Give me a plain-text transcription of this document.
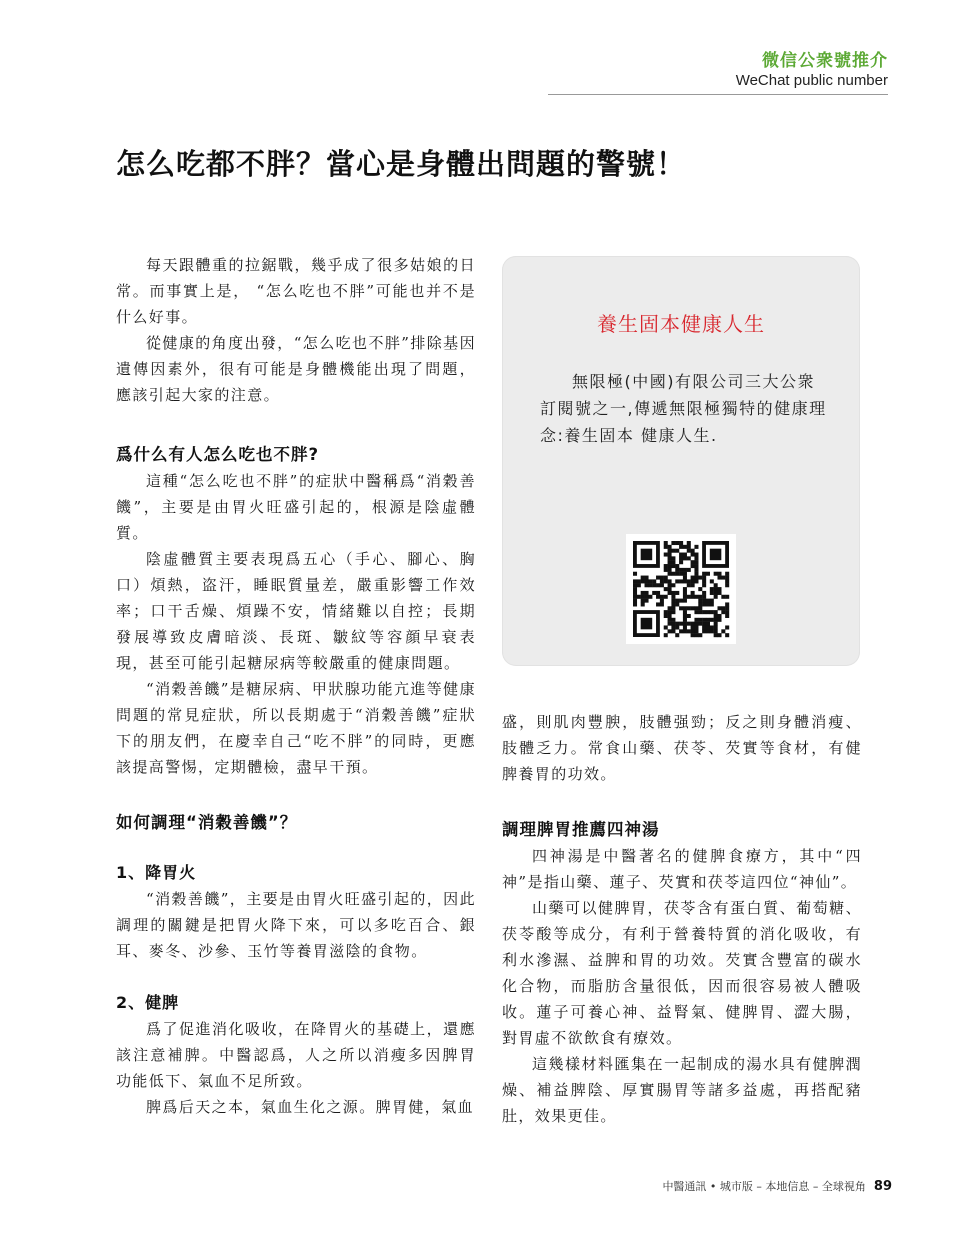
微信公衆號推介
WeChat public number
怎么吃都不胖？當心是身體出問題的警號！

每天跟體重的拉鋸戰，幾乎成了很多姑娘的日常。而事實上是， “怎么吃也不胖”可能也并不是什么好事。

從健康的角度出發，“怎么吃也不胖”排除基因遺傳因素外，很有可能是身體機能出現了問題，應該引起大家的注意。

爲什么有人怎么吃也不胖?

這種“怎么吃也不胖”的症狀中醫稱爲“消穀善饑”，主要是由胃火旺盛引起的，根源是陰虛體質。

陰虛體質主要表現爲五心（手心、腳心、胸口）煩熱，盗汗，睡眠質量差，嚴重影響工作效率；口干舌燥、煩躁不安，情緒難以自控；長期發展導致皮膚暗淡、長斑、皺紋等容顔早衰表現，甚至可能引起糖尿病等較嚴重的健康問題。

“消穀善饑”是糖尿病、甲狀腺功能亢進等健康問題的常見症狀，所以長期處于“消穀善饑”症狀下的朋友們，在慶幸自己“吃不胖”的同時，更應該提高警惕，定期體檢，盡早干預。

如何調理“消穀善饑”？
1、降胃火

“消穀善饑”，主要是由胃火旺盛引起的，因此調理的關鍵是把胃火降下來，可以多吃百合、銀耳、麥冬、沙參、玉竹等養胃滋陰的食物。

2、健脾

爲了促進消化吸收，在降胃火的基礎上，還應該注意補脾。中醫認爲，人之所以消瘦多因脾胃功能低下、氣血不足所致。

脾爲后天之本，氣血生化之源。脾胃健，氣血

養生固本健康人生
無限極(中國)有限公司三大公衆訂閱號之一,傳遞無限極獨特的健康理念:養生固本 健康人生.

盛，則肌肉豐腴，肢體强勁；反之則身體消瘦、肢體乏力。常食山藥、茯苓、芡實等食材，有健脾養胃的功效。

調理脾胃推薦四神湯

四神湯是中醫著名的健脾食療方，其中“四神”是指山藥、蓮子、芡實和茯苓這四位“神仙”。

山藥可以健脾胃，茯苓含有蛋白質、葡萄糖、茯苓酸等成分，有利于營養特質的消化吸收，有利水滲濕、益脾和胃的功效。芡實含豐富的碳水化合物，而脂肪含量很低，因而很容易被人體吸收。蓮子可養心神、益腎氣、健脾胃、澀大腸，對胃虛不欲飲食有療效。

這幾樣材料匯集在一起制成的湯水具有健脾潤燥、補益脾陰、厚實腸胃等諸多益處，再搭配豬肚，效果更佳。

中醫通訊 • 城市版 – 本地信息 – 全球視角 89
